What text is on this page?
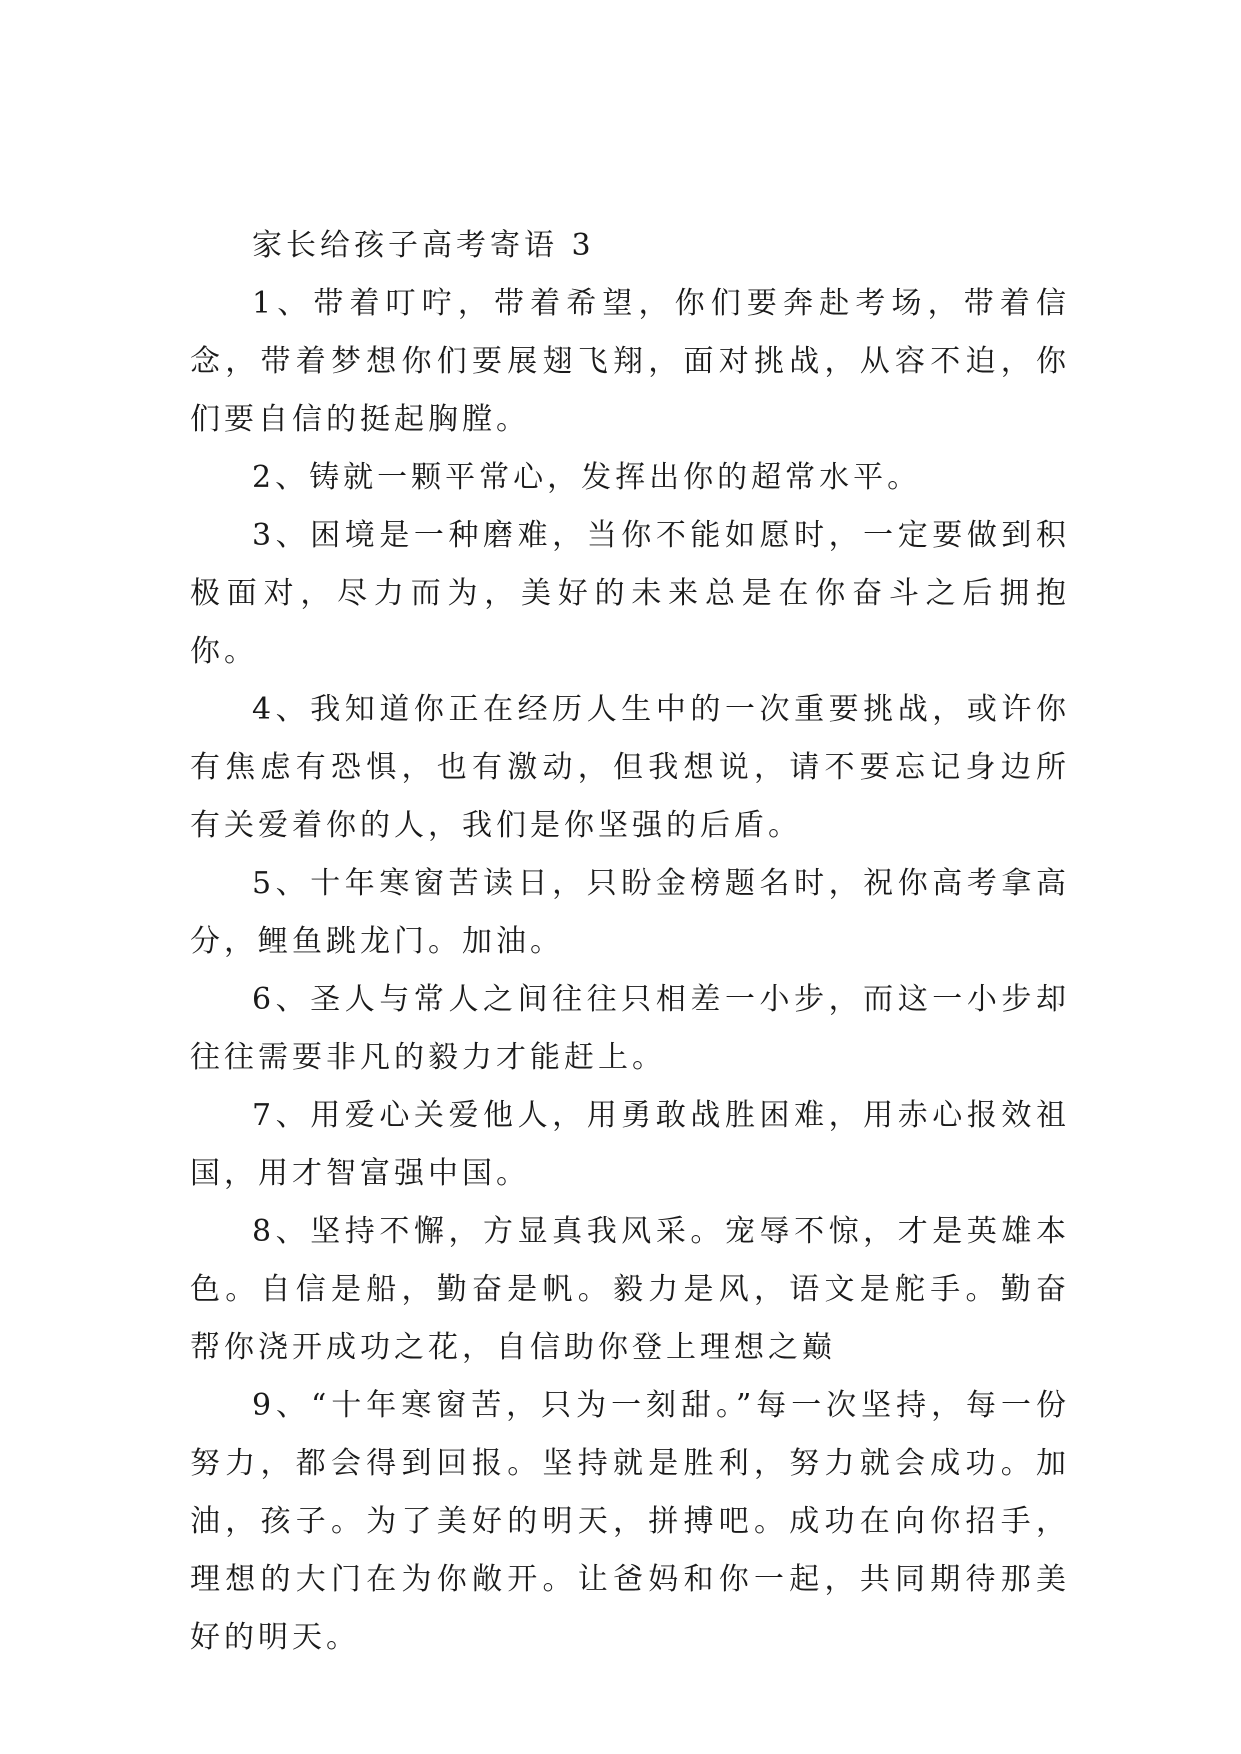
家长给孩子高考寄语 3

1、带着叮咛，带着希望，你们要奔赴考场，带着信念，带着梦想你们要展翅飞翔，面对挑战，从容不迫，你们要自信的挺起胸膛。

2、铸就一颗平常心，发挥出你的超常水平。

3、困境是一种磨难，当你不能如愿时，一定要做到积极面对，尽力而为，美好的未来总是在你奋斗之后拥抱你。

4、我知道你正在经历人生中的一次重要挑战，或许你有焦虑有恐惧，也有激动，但我想说，请不要忘记身边所有关爱着你的人，我们是你坚强的后盾。

5、十年寒窗苦读日，只盼金榜题名时，祝你高考拿高分，鲤鱼跳龙门。加油。

6、圣人与常人之间往往只相差一小步，而这一小步却往往需要非凡的毅力才能赶上。

7、用爱心关爱他人，用勇敢战胜困难，用赤心报效祖国，用才智富强中国。

8、坚持不懈，方显真我风采。宠辱不惊，才是英雄本色。自信是船，勤奋是帆。毅力是风，语文是舵手。勤奋帮你浇开成功之花，自信助你登上理想之巅

9、“十年寒窗苦，只为一刻甜。”每一次坚持，每一份努力，都会得到回报。坚持就是胜利，努力就会成功。加油，孩子。为了美好的明天，拼搏吧。成功在向你招手，理想的大门在为你敞开。让爸妈和你一起，共同期待那美好的明天。
